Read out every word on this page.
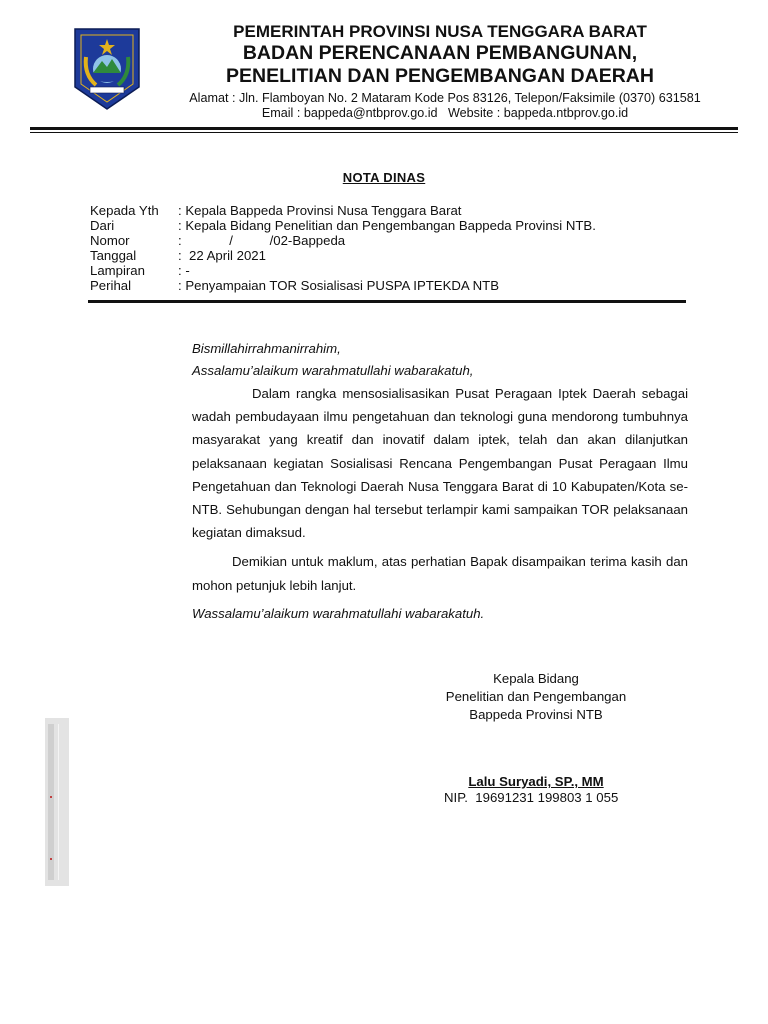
PEMERINTAH PROVINSI NUSA TENGGARA BARAT
BADAN PERENCANAAN PEMBANGUNAN,
PENELITIAN DAN PENGEMBANGAN DAERAH
Alamat : Jln. Flamboyan No. 2 Mataram Kode Pos 83126, Telepon/Faksimile (0370) 631581
Email : bappeda@ntbprov.go.id   Website : bappeda.ntbprov.go.id
NOTA DINAS
Kepada Yth	: Kepala Bappeda Provinsi Nusa Tenggara Barat
Dari	: Kepala Bidang Penelitian dan Pengembangan Bappeda Provinsi NTB.
Nomor	:             /          /02-Bappeda
Tanggal	:  22 April 2021
Lampiran	: -
Perihal	: Penyampaian TOR Sosialisasi PUSPA IPTEKDA NTB

Bismillahirrahmanirrahim,

Assalamu’alaikum warahmatullahi wabarakatuh,

Dalam rangka mensosialisasikan Pusat Peragaan Iptek Daerah sebagai wadah pembudayaan ilmu pengetahuan dan teknologi guna mendorong tumbuhnya masyarakat yang kreatif dan inovatif dalam iptek, telah dan akan dilanjutkan pelaksanaan kegiatan Sosialisasi Rencana Pengembangan Pusat Peragaan Ilmu Pengetahuan dan Teknologi Daerah Nusa Tenggara Barat di 10 Kabupaten/Kota se-NTB. Sehubungan dengan hal tersebut terlampir kami sampaikan TOR pelaksanaan kegiatan dimaksud.

Demikian untuk maklum, atas perhatian Bapak disampaikan terima kasih dan mohon petunjuk lebih lanjut.

Wassalamu’alaikum warahmatullahi wabarakatuh.

Kepala Bidang
Penelitian dan Pengembangan
Bappeda Provinsi NTB
Lalu Suryadi, SP., MM
NIP.  19691231 199803 1 055
